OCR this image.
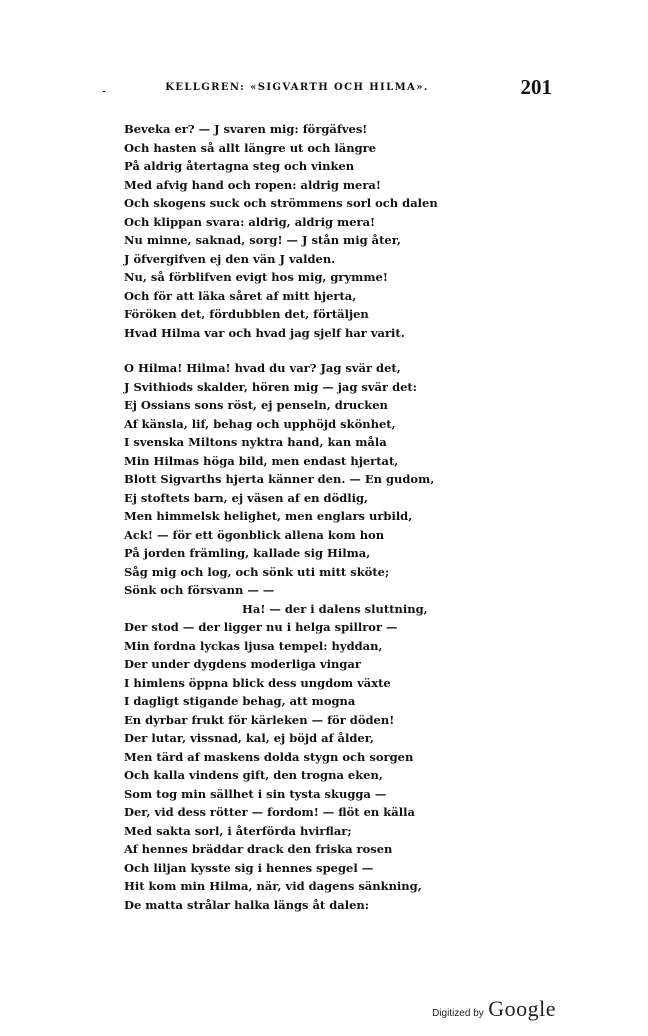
-	KELLGREN: «SIGVARTH OCH HILMA».	201
Beveka er? — J svaren mig: förgäfves!
Och hasten så allt längre ut och längre
På aldrig återtagna steg och vinken
Med afvig hand och ropen: aldrig mera!
Och skogens suck och strömmens sorl och dalen
Och klippan svara: aldrig, aldrig mera!
Nu minne, saknad, sorg! — J stån mig åter,
J öfvergifven ej den vän J valden.
Nu, så förblifven evigt hos mig, grymme!
Och för att läka såret af mitt hjerta,
Föröken det, fördubblen det, förtäljen
Hvad Hilma var och hvad jag sjelf har varit.
O Hilma! Hilma! hvad du var? Jag svär det,
J Svithiods skalder, hören mig — jag svär det:
Ej Ossians sons röst, ej penseln, drucken
Af känsla, lif, behag och upphöjd skönhet,
I svenska Miltons nyktra hand, kan måla
Min Hilmas höga bild, men endast hjertat,
Blott Sigvarths hjerta känner den. — En gudom,
Ej stoftets barn, ej väsen af en dödlig,
Men himmelsk helighet, men englars urbild,
Ack! — för ett ögonblick allena kom hon
På jorden främling, kallade sig Hilma,
Såg mig och log, och sönk uti mitt sköte;
Sönk och försvann — —
Ha! — der i dalens sluttning,
Der stod — der ligger nu i helga spillror —
Min fordna lyckas ljusa tempel: hyddan,
Der under dygdens moderliga vingar
I himlens öppna blick dess ungdom växte
I dagligt stigande behag, att mogna
En dyrbar frukt för kärleken — för döden!
Der lutar, vissnad, kal, ej böjd af ålder,
Men tärd af maskens dolda stygn och sorgen
Och kalla vindens gift, den trogna eken,
Som tog min sällhet i sin tysta skugga —
Der, vid dess rötter — fordom! — flöt en källa
Med sakta sorl, i återförda hvirflar;
Af hennes bräddar drack den friska rosen
Och liljan kysste sig i hennes spegel —
Hit kom min Hilma, när, vid dagens sänkning,
De matta strålar halka längs åt dalen:
Digitized by Google
